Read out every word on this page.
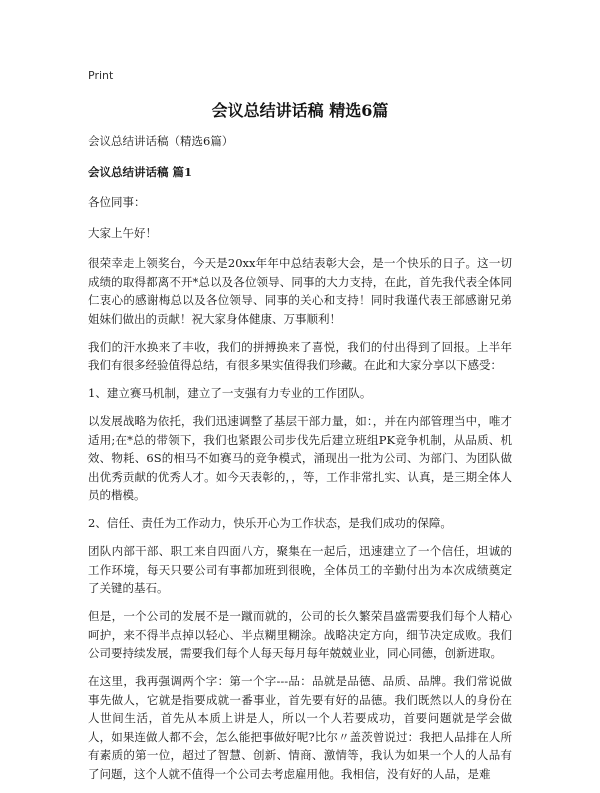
Print
会议总结讲话稿 精选6篇

会议总结讲话稿（精选6篇）

会议总结讲话稿 篇1

各位同事：

大家上午好！

很荣幸走上领奖台，今天是20xx年年中总结表彰大会，是一个快乐的日子。这一切成绩的取得都离不开*总以及各位领导、同事的大力支持，在此，首先我代表全体同仁衷心的感谢梅总以及各位领导、同事的关心和支持！同时我谨代表王部感谢兄弟姐妹们做出的贡献！祝大家身体健康、万事顺利！

我们的汗水换来了丰收，我们的拼搏换来了喜悦，我们的付出得到了回报。上半年我们有很多经验值得总结，有很多果实值得我们珍藏。在此和大家分享以下感受：

1、建立赛马机制，建立了一支强有力专业的工作团队。

以发展战略为依托，我们迅速调整了基层干部力量，如：，并在内部管理当中，唯才适用;在*总的带领下，我们也紧跟公司步伐先后建立班组PK竞争机制，从品质、机效、物耗、6S的相马不如赛马的竞争模式，涌现出一批为公司、为部门、为团队做出优秀贡献的优秀人才。如今天表彰的，，等，工作非常扎实、认真，是三期全体人员的楷模。

2、信任、责任为工作动力，快乐开心为工作状态，是我们成功的保障。

团队内部干部、职工来自四面八方，聚集在一起后，迅速建立了一个信任，坦诚的工作环境，每天只要公司有事都加班到很晚，全体员工的辛勤付出为本次成绩奠定了关键的基石。

但是，一个公司的发展不是一蹴而就的，公司的长久繁荣昌盛需要我们每个人精心呵护，来不得半点掉以轻心、半点糊里糊涂。战略决定方向，细节决定成败。我们公司要持续发展，需要我们每个人每天每月每年兢兢业业，同心同德，创新进取。

在这里，我再强调两个字：第一个字---品：品就是品德、品质、品牌。我们常说做事先做人，它就是指要成就一番事业，首先要有好的品德。我们既然以人的身份在人世间生活，首先从本质上讲是人，所以一个人若要成功，首要问题就是学会做人，如果连做人都不会，怎么能把事做好呢?比尔〃盖茨曾说过：我把人品排在人所有素质的第一位，超过了智慧、创新、情商、激情等，我认为如果一个人的人品有了问题，这个人就不值得一个公司去考虑雇用他。我相信，没有好的人品，是难
